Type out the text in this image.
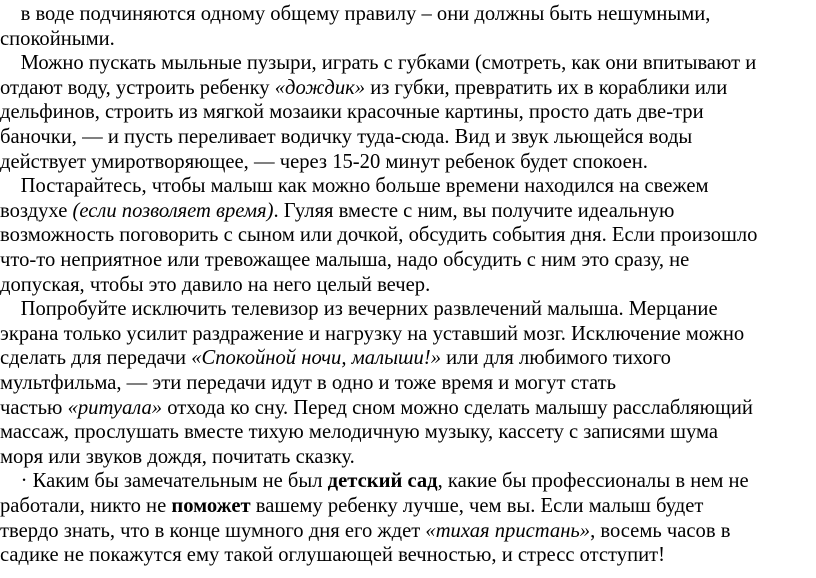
в воде подчиняются одному общему правилу – они должны быть нешумными,
спокойными.
Можно пускать мыльные пузыри, играть с губками (смотреть, как они впитывают и
отдают воду, устроить ребенку «дождик» из губки, превратить их в кораблики или
дельфинов, строить из мягкой мозаики красочные картины, просто дать две-три
баночки, — и пусть переливает водичку туда-сюда. Вид и звук льющейся воды
действует умиротворяющее, — через 15-20 минут ребенок будет спокоен.
Постарайтесь, чтобы малыш как можно больше времени находился на свежем
воздухе (если позволяет время). Гуляя вместе с ним, вы получите идеальную
возможность поговорить с сыном или дочкой, обсудить события дня. Если произошло
что-то неприятное или тревожащее малыша, надо обсудить с ним это сразу, не
допуская, чтобы это давило на него целый вечер.
Попробуйте исключить телевизор из вечерних развлечений малыша. Мерцание
экрана только усилит раздражение и нагрузку на уставший мозг. Исключение можно
сделать для передачи «Спокойной ночи, малыши!» или для любимого тихого
мультфильма, — эти передачи идут в одно и тоже время и могут стать
частью «ритуала» отхода ко сну. Перед сном можно сделать малышу расслабляющий
массаж, прослушать вместе тихую мелодичную музыку, кассету с записями шума
моря или звуков дождя, почитать сказку.
· Каким бы замечательным не был детский сад, какие бы профессионалы в нем не
работали, никто не поможет вашему ребенку лучше, чем вы. Если малыш будет
твердо знать, что в конце шумного дня его ждет «тихая пристань», восемь часов в
садике не покажутся ему такой оглушающей вечностью, и стресс отступит!
